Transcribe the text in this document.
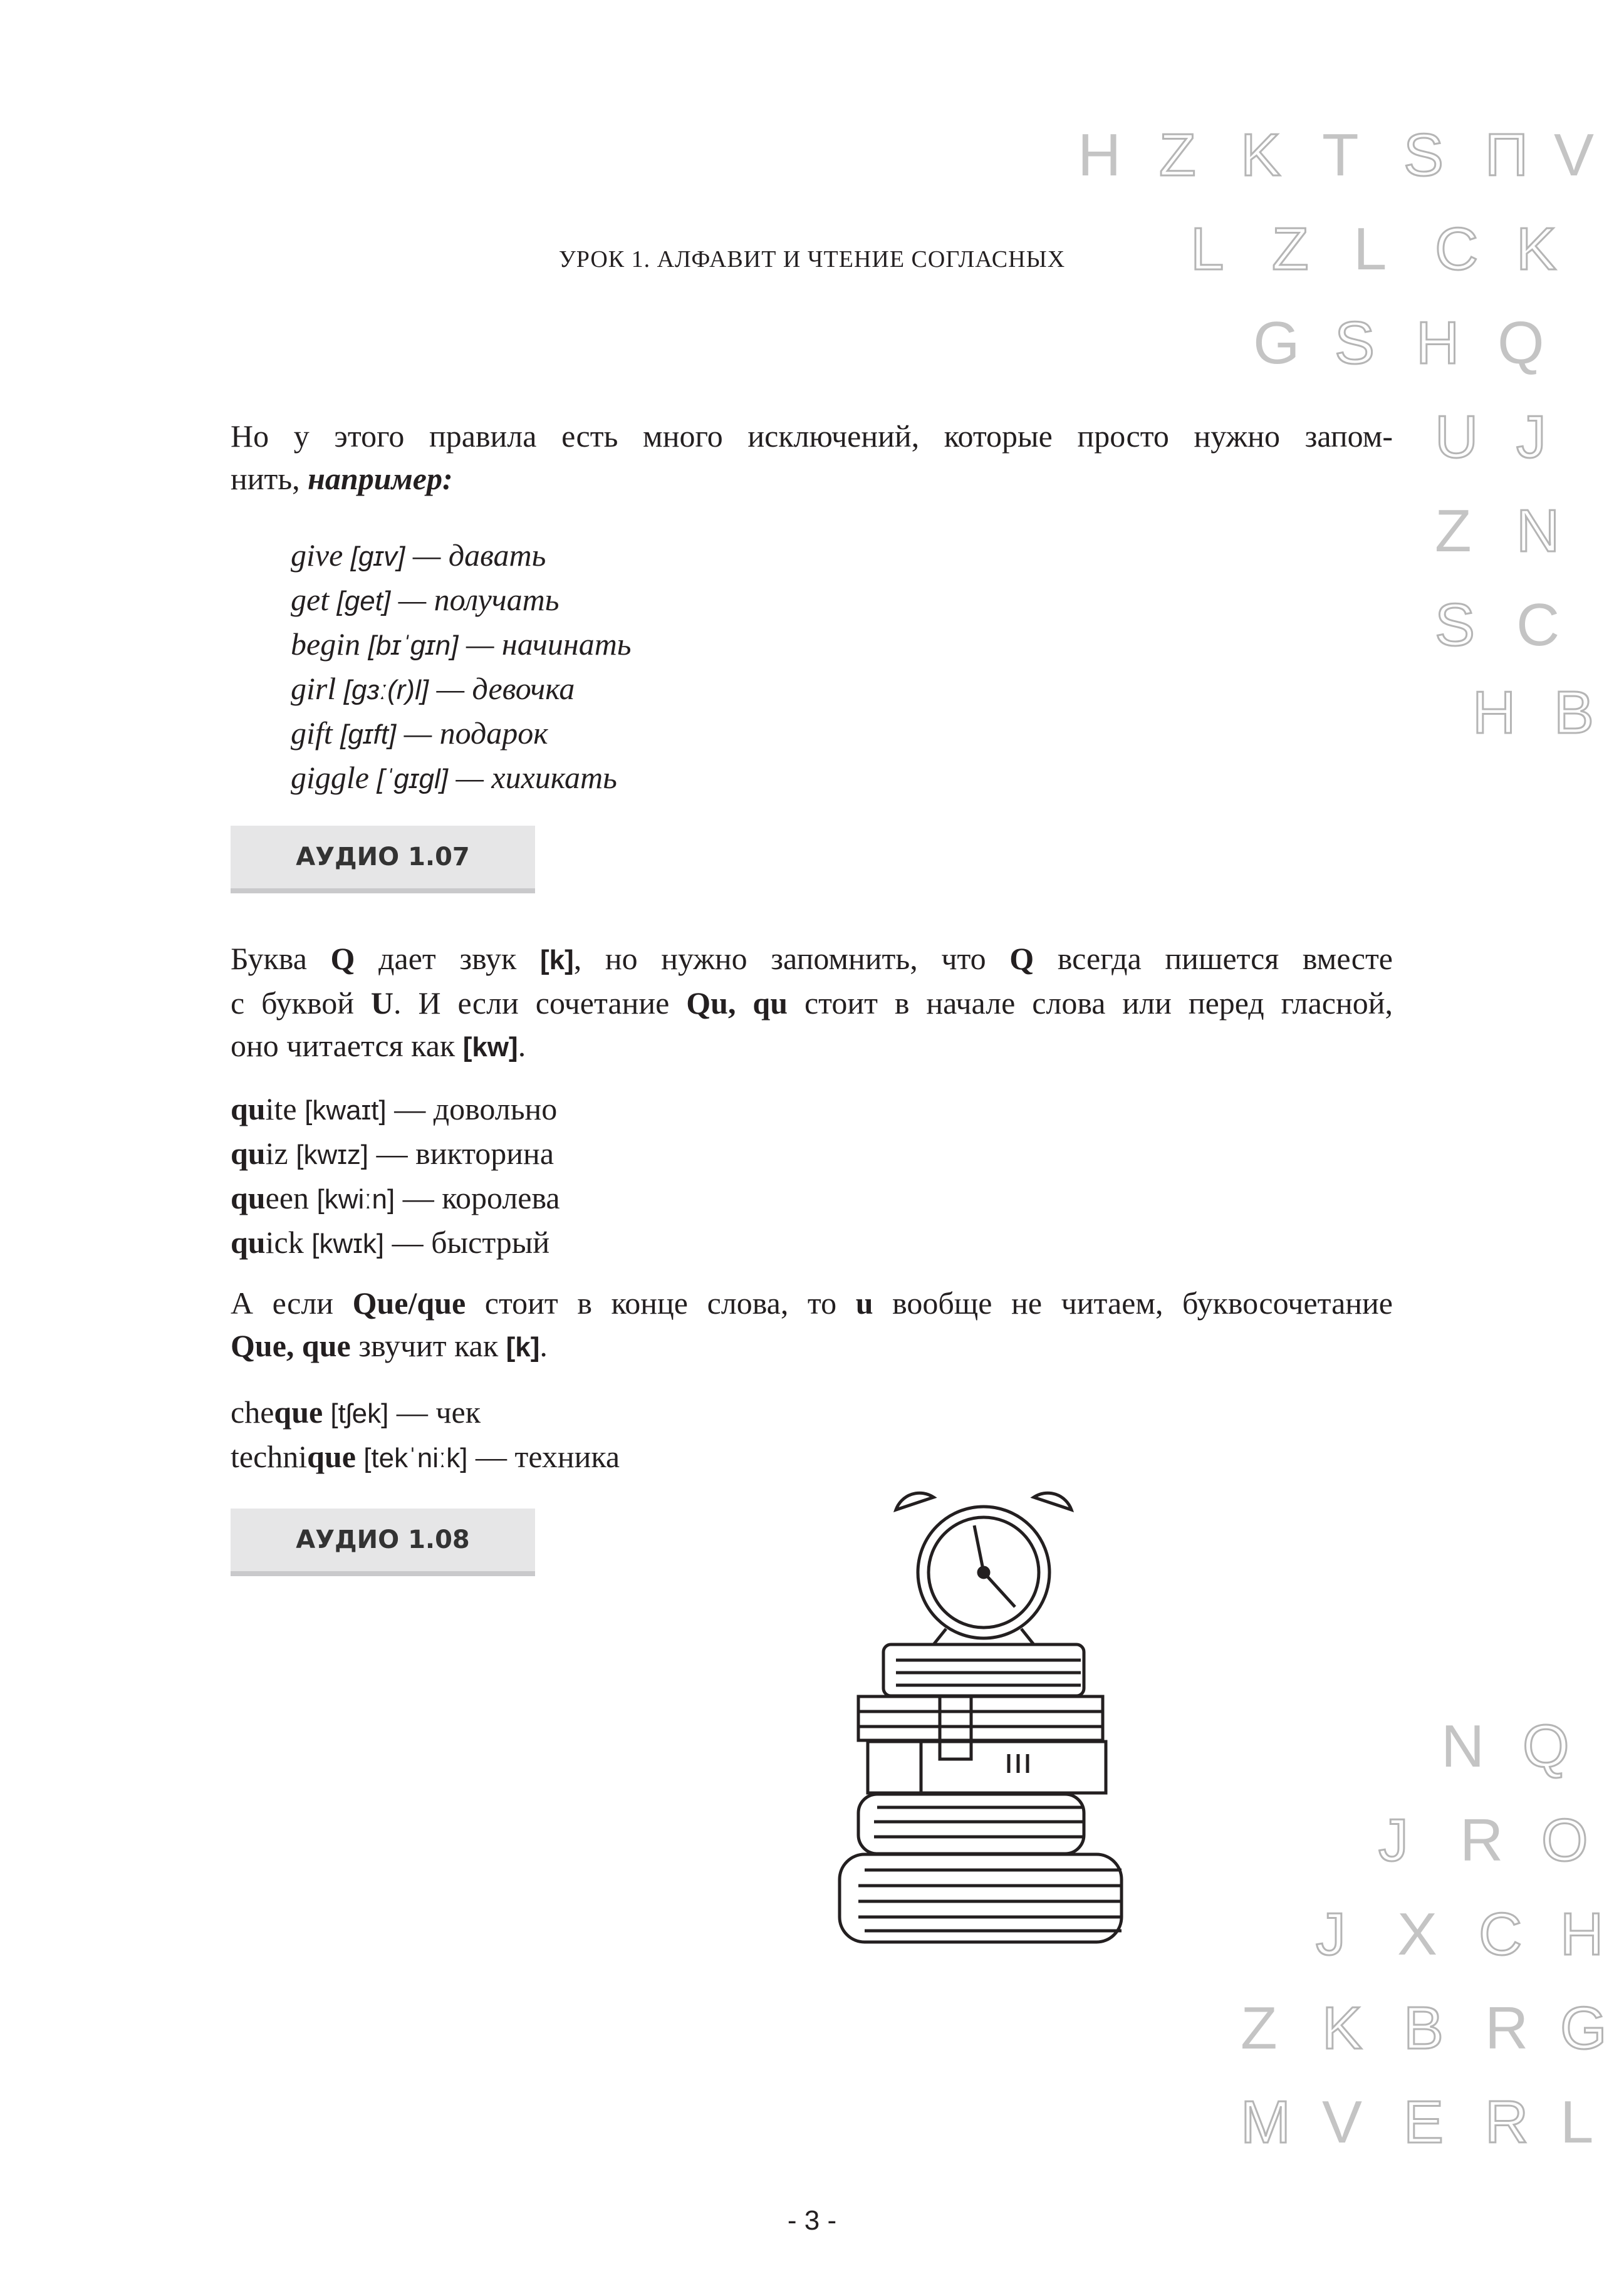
УРОК 1. АЛФАВИТ И ЧТЕНИЕ СОГЛАСНЫХ
Но у этого правила есть много исключений, которые просто нужно запом-
нить, например:
give [gɪv] — давать
get [get] — получать
begin [bɪˈgɪn] — начинать
girl [gɜː(r)l] — девочка
gift [gɪft] — подарок
giggle [ˈgɪgl] — хихикать
АУДИО 1.07
Буква Q дает звук [k], но нужно запомнить, что Q всегда пишется вместе
с буквой U. И если сочетание Qu, qu стоит в начале слова или перед гласной,
оно читается как [kw].
quite [kwaɪt] — довольно
quiz [kwɪz] — викторина
queen [kwiːn] — королева
quick [kwɪk] — быстрый
А если Que/que стоит в конце слова, то u вообще не читаем, буквосочетание
Que, que звучит как [k].
cheque [tʃek] — чек
technique [tekˈniːk] — техника
АУДИО 1.08
H Z K T S П V
L Z L C K
G S H Q
U J
Z N
S C
H B
N Q
J R O
J X C H
Z K B R G
M V E R L
- 3 -
